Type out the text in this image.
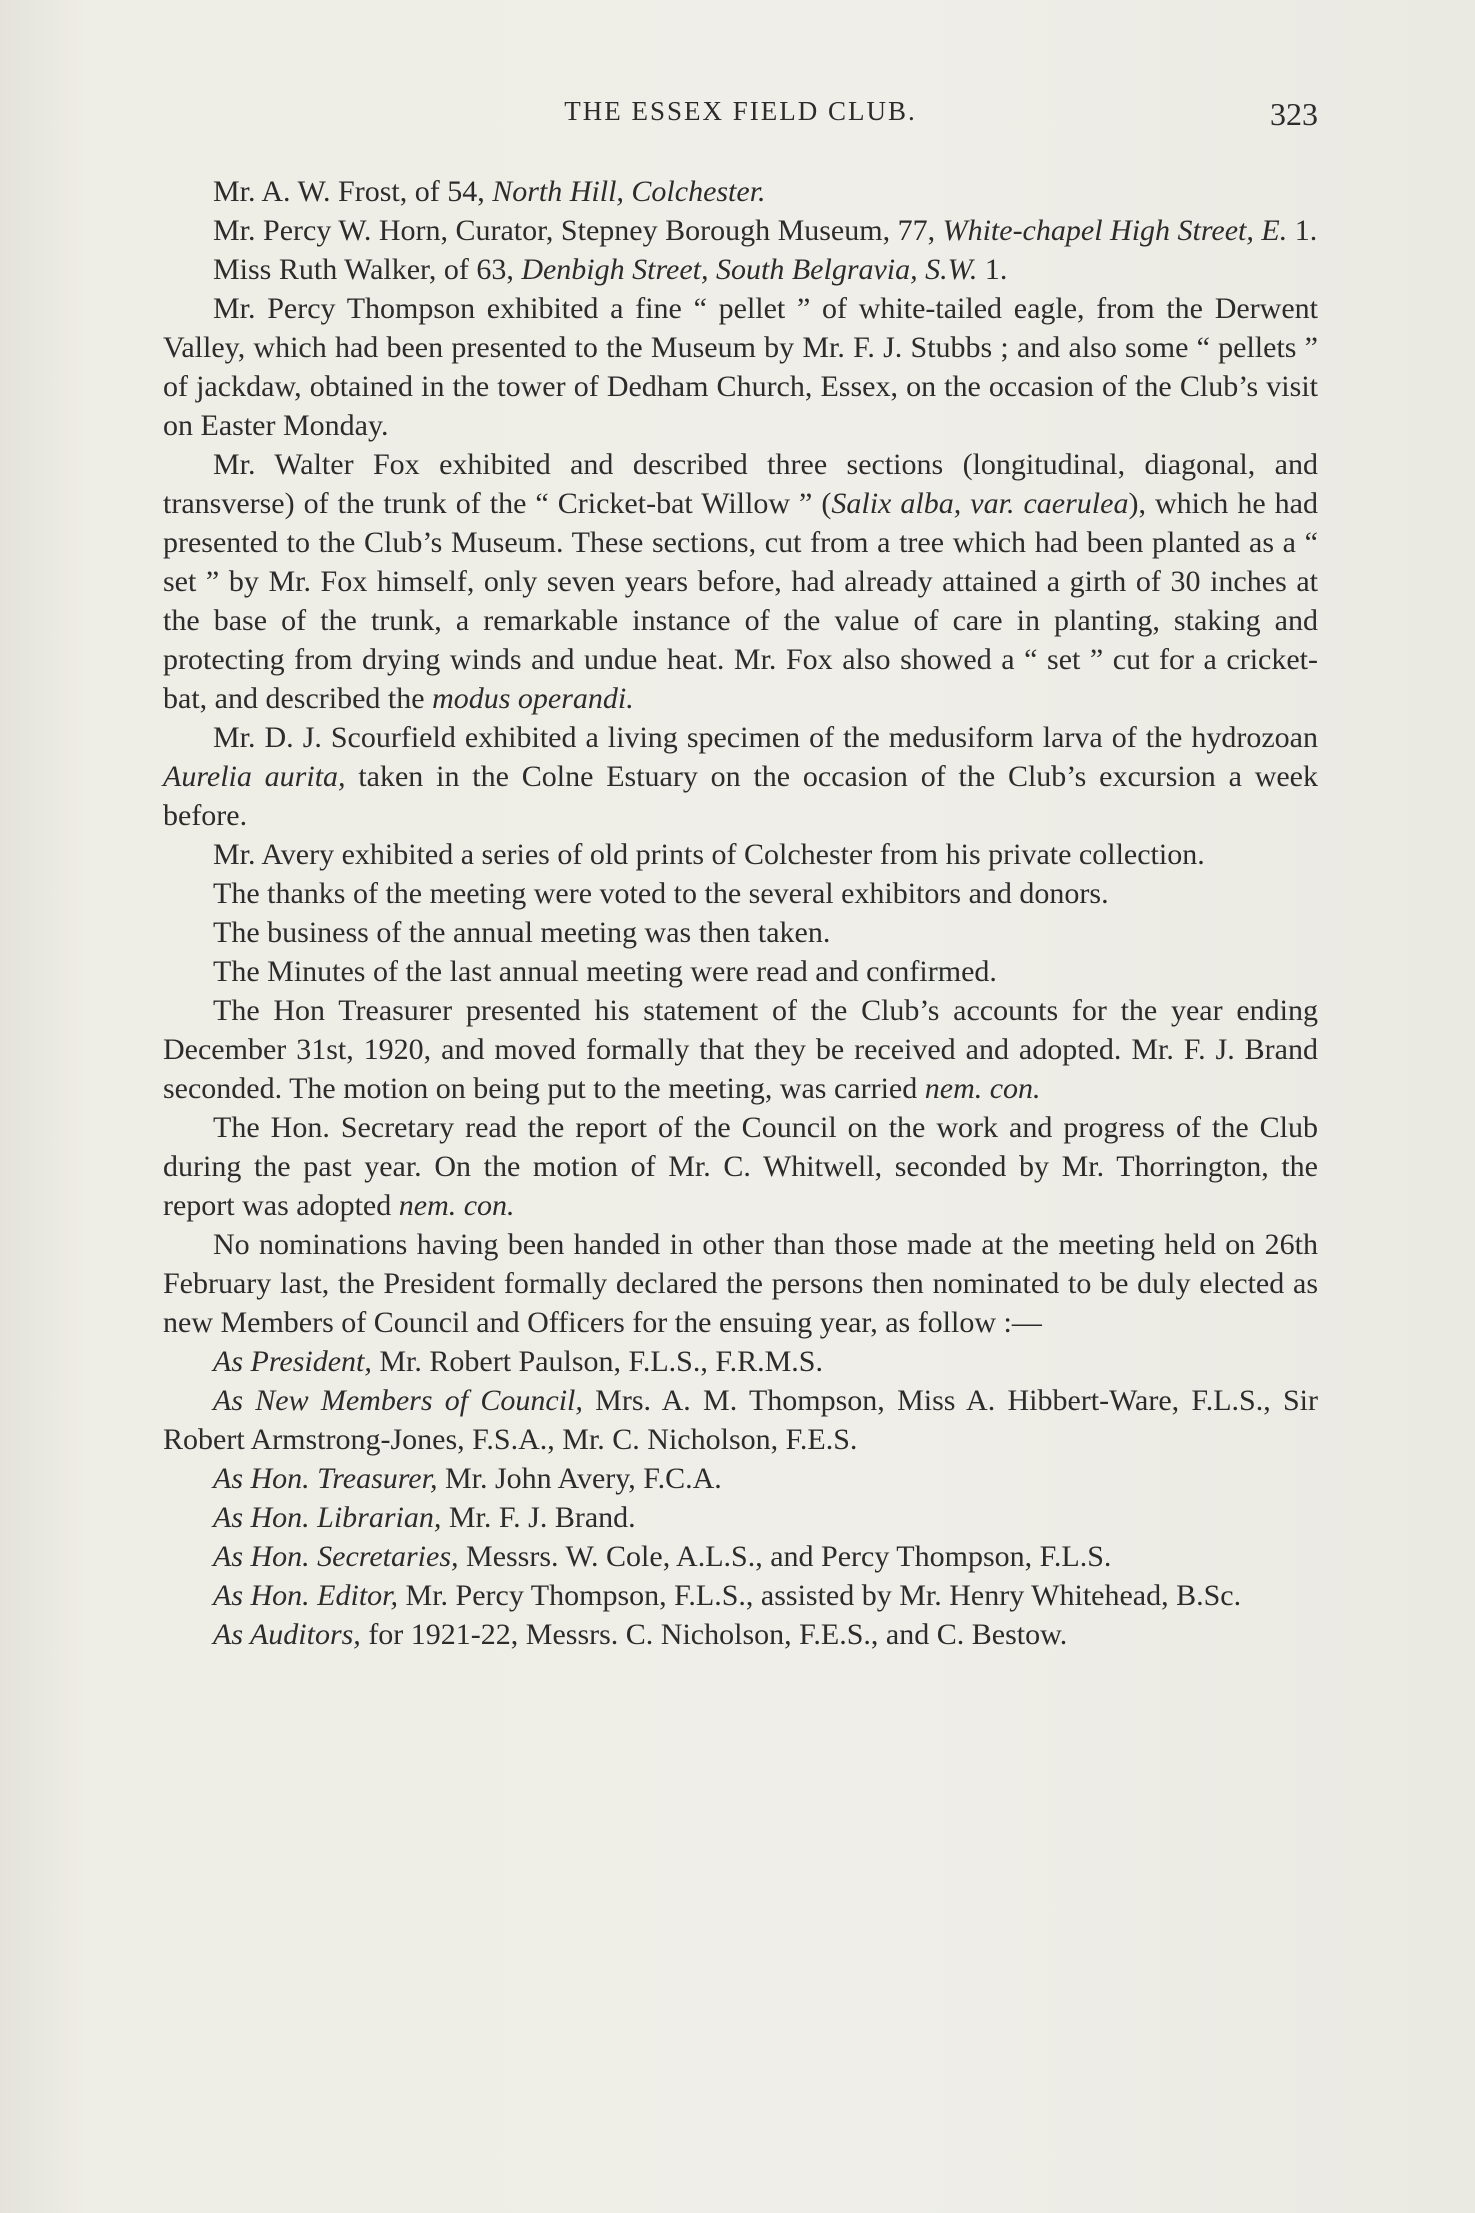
THE ESSEX FIELD CLUB.	323

Mr. A. W. Frost, of 54, North Hill, Colchester.

Mr. Percy W. Horn, Curator, Stepney Borough Museum, 77, White-chapel High Street, E. 1.

Miss Ruth Walker, of 63, Denbigh Street, South Belgravia, S.W. 1.

Mr. Percy Thompson exhibited a fine “ pellet ” of white-tailed eagle, from the Derwent Valley, which had been presented to the Museum by Mr. F. J. Stubbs ; and also some “ pellets ” of jackdaw, obtained in the tower of Dedham Church, Essex, on the occasion of the Club’s visit on Easter Monday.

Mr. Walter Fox exhibited and described three sections (longitudinal, diagonal, and transverse) of the trunk of the “ Cricket-bat Willow ” (Salix alba, var. caerulea), which he had presented to the Club’s Museum. These sections, cut from a tree which had been planted as a “ set ” by Mr. Fox himself, only seven years before, had already attained a girth of 30 inches at the base of the trunk, a remarkable instance of the value of care in planting, staking and protecting from drying winds and undue heat. Mr. Fox also showed a “ set ” cut for a cricket-bat, and described the modus operandi.

Mr. D. J. Scourfield exhibited a living specimen of the medusiform larva of the hydrozoan Aurelia aurita, taken in the Colne Estuary on the occasion of the Club’s excursion a week before.

Mr. Avery exhibited a series of old prints of Colchester from his private collection.

The thanks of the meeting were voted to the several exhibitors and donors.

The business of the annual meeting was then taken.

The Minutes of the last annual meeting were read and confirmed.

The Hon Treasurer presented his statement of the Club’s accounts for the year ending December 31st, 1920, and moved formally that they be received and adopted. Mr. F. J. Brand seconded. The motion on being put to the meeting, was carried nem. con.

The Hon. Secretary read the report of the Council on the work and progress of the Club during the past year. On the motion of Mr. C. Whitwell, seconded by Mr. Thorrington, the report was adopted nem. con.

No nominations having been handed in other than those made at the meeting held on 26th February last, the President formally declared the persons then nominated to be duly elected as new Members of Council and Officers for the ensuing year, as follow :—

As President, Mr. Robert Paulson, F.L.S., F.R.M.S.

As New Members of Council, Mrs. A. M. Thompson, Miss A. Hibbert-Ware, F.L.S., Sir Robert Armstrong-Jones, F.S.A., Mr. C. Nicholson, F.E.S.

As Hon. Treasurer, Mr. John Avery, F.C.A.

As Hon. Librarian, Mr. F. J. Brand.

As Hon. Secretaries, Messrs. W. Cole, A.L.S., and Percy Thompson, F.L.S.

As Hon. Editor, Mr. Percy Thompson, F.L.S., assisted by Mr. Henry Whitehead, B.Sc.

As Auditors, for 1921-22, Messrs. C. Nicholson, F.E.S., and C. Bestow.
